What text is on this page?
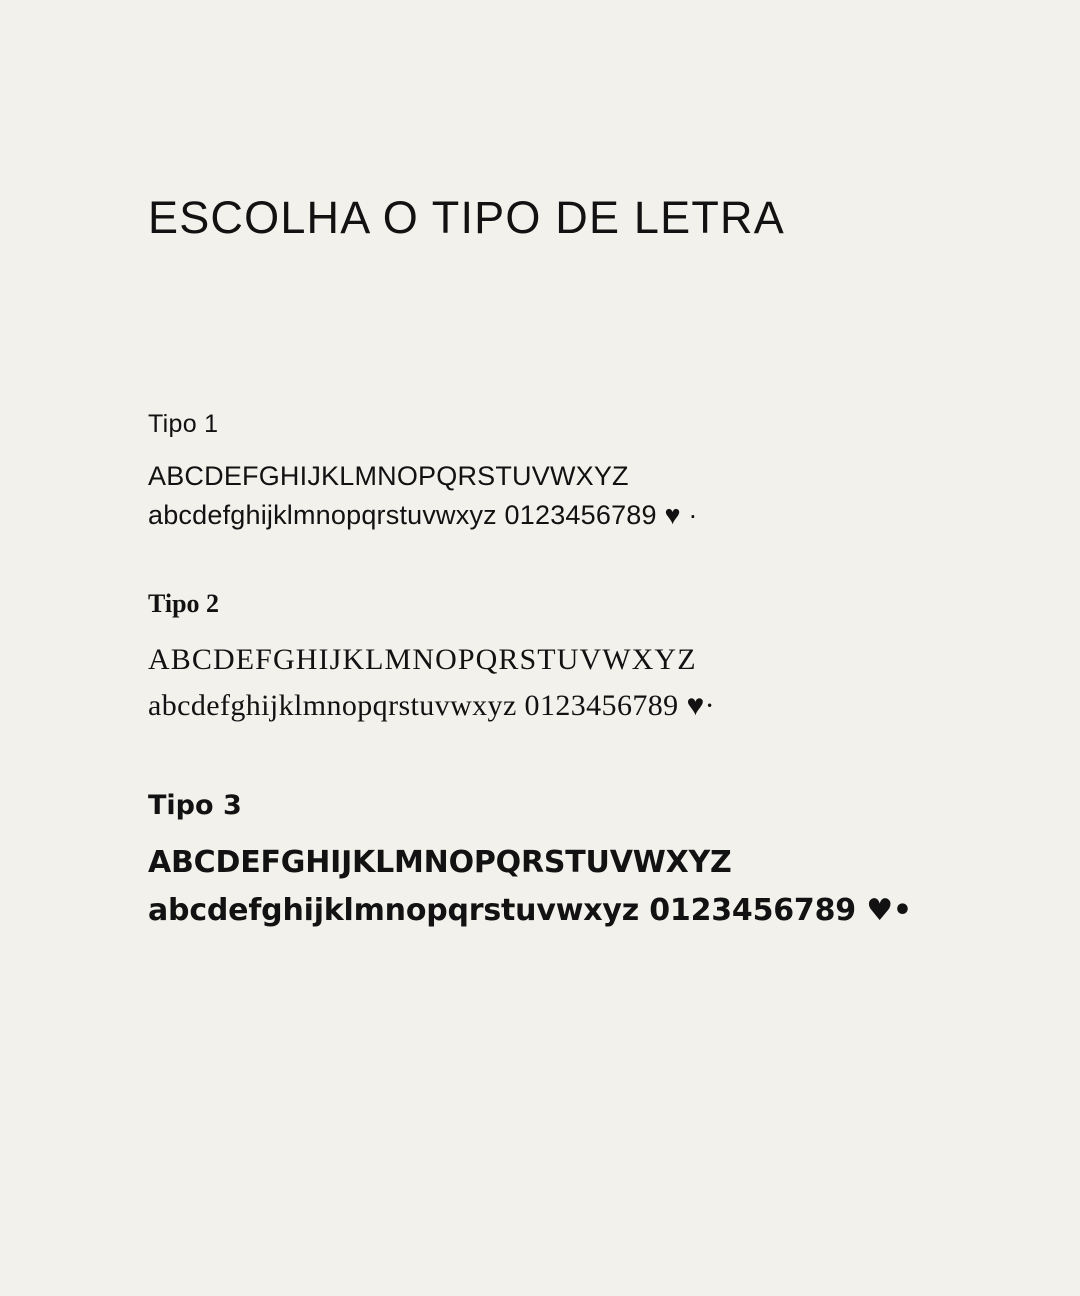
ESCOLHA O TIPO DE LETRA
Tipo 1
ABCDEFGHIJKLMNOPQRSTUVWXYZ
abcdefghijklmnopqrstuvwxyz 0123456789 ♥ ·
Tipo 2
ABCDEFGHIJKLMNOPQRSTUVWXYZ
abcdefghijklmnopqrstuvwxyz 0123456789 ♥·
Tipo 3
ABCDEFGHIJKLMNOPQRSTUVWXYZ
abcdefghijklmnopqrstuvwxyz 0123456789 ♥•
